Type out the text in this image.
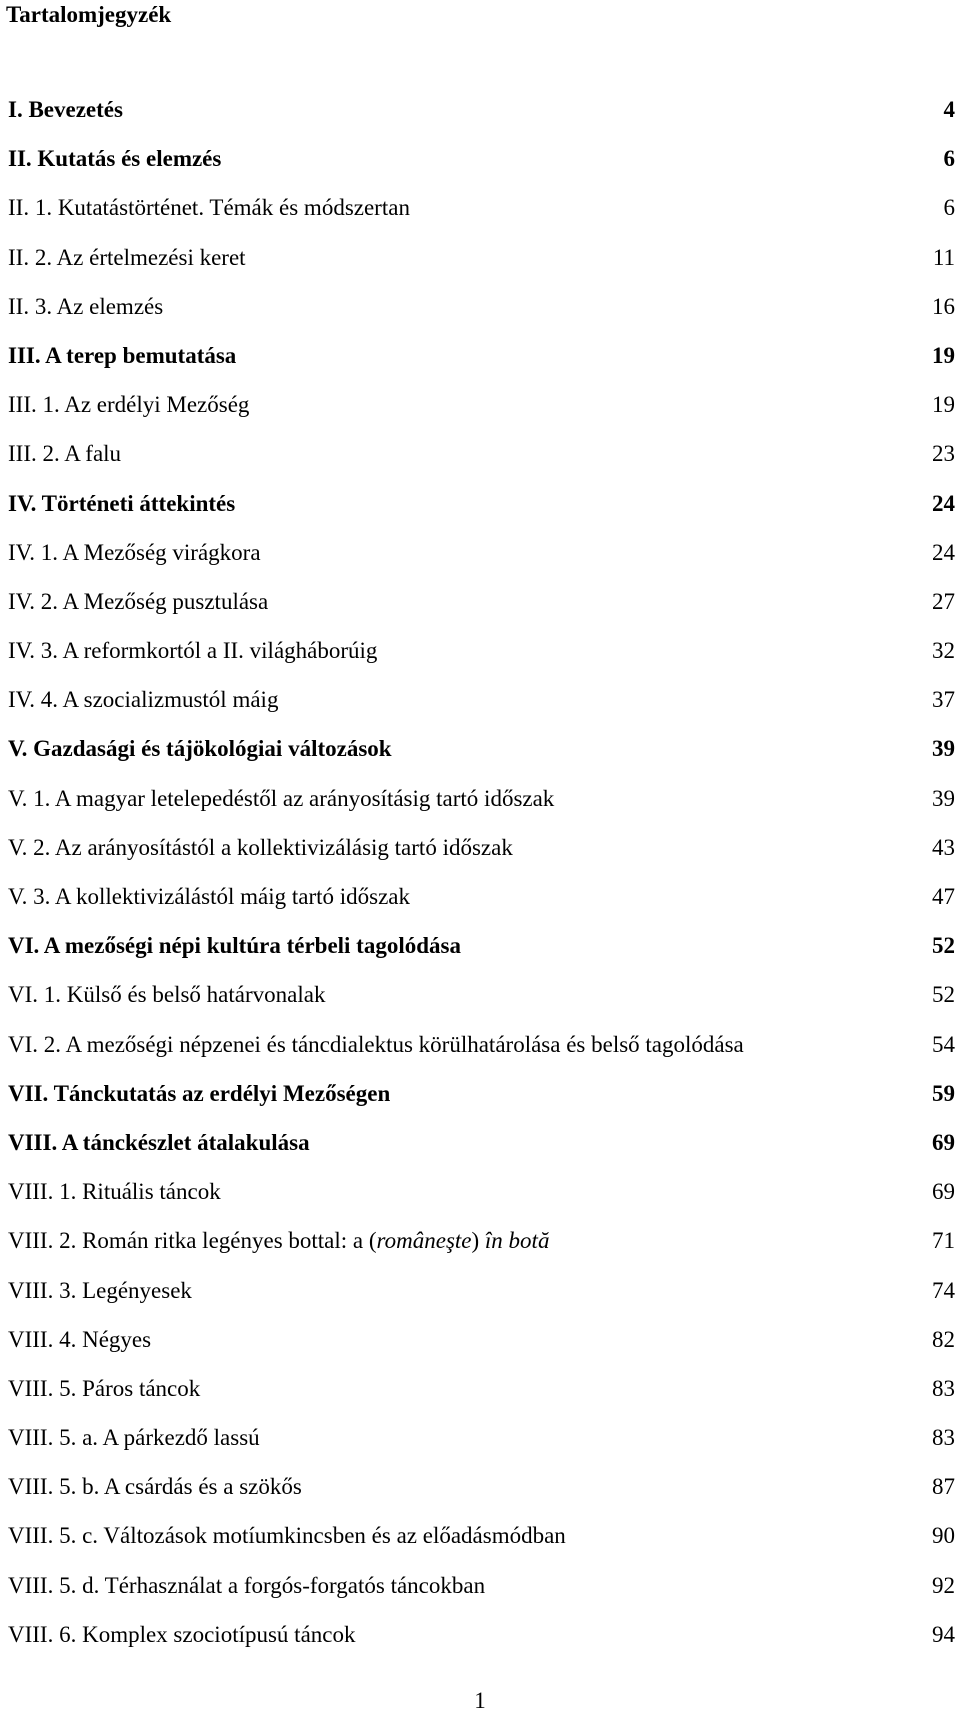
Tartalomjegyzék
I. Bevezetés	4
II. Kutatás és elemzés	6
II. 1. Kutatástörténet. Témák és módszertan	6
II. 2. Az értelmezési keret	11
II. 3. Az elemzés	16
III. A terep bemutatása	19
III. 1. Az erdélyi Mezőség	19
III. 2. A falu	23
IV. Történeti áttekintés	24
IV. 1. A Mezőség virágkora	24
IV. 2. A Mezőség pusztulása	27
IV. 3. A reformkortól a II. világháborúig	32
IV. 4. A szocializmustól máig	37
V. Gazdasági és tájökológiai változások	39
V. 1. A magyar letelepedéstől az arányosításig tartó időszak	39
V. 2. Az arányosítástól a kollektivizálásig tartó időszak	43
V. 3. A kollektivizálástól máig tartó időszak	47
VI. A mezőségi népi kultúra térbeli tagolódása	52
VI. 1. Külső és belső határvonalak	52
VI. 2. A mezőségi népzenei és táncdialektus körülhatárolása és belső tagolódása	54
VII. Tánckutatás az erdélyi Mezőségen	59
VIII. A tánckészlet átalakulása	69
VIII. 1. Rituális táncok	69
VIII. 2. Román ritka legényes bottal: a (româneşte) în botă	71
VIII. 3. Legényesek	74
VIII. 4. Négyes	82
VIII. 5. Páros táncok	83
VIII. 5. a. A párkezdő lassú	83
VIII. 5. b. A csárdás és a szökős	87
VIII. 5. c. Változások motíumkincsben és az előadásmódban	90
VIII. 5. d. Térhasználat a forgós-forgatós táncokban	92
VIII. 6. Komplex szociotípusú táncok	94
1
